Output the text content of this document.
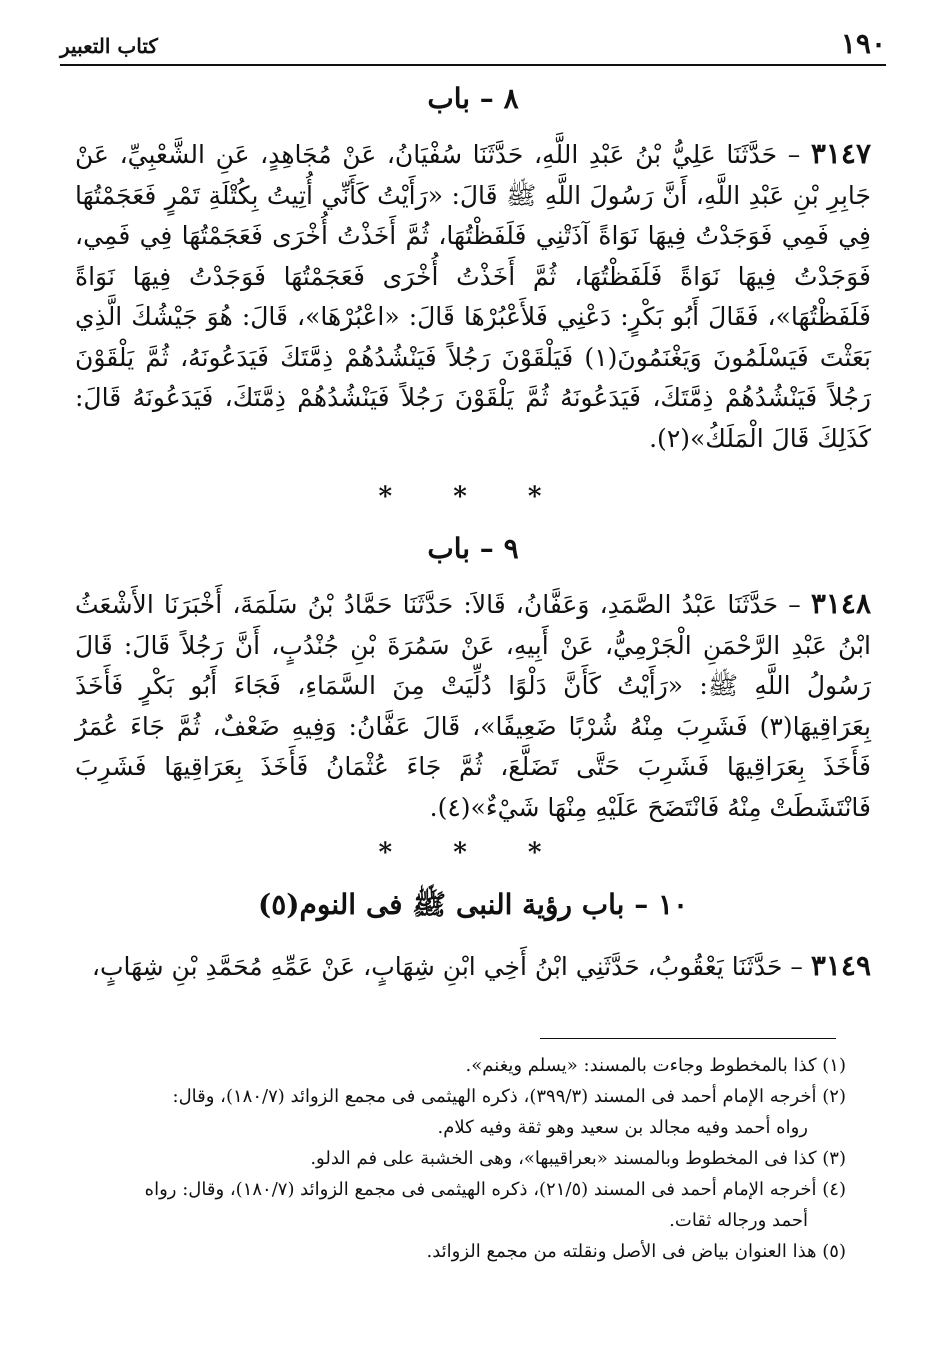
١٩٠
كتاب التعبير
٨ – باب
٣١٤٧ – حَدَّثَنَا عَلِيُّ بْنُ عَبْدِ اللَّهِ، حَدَّثَنَا سُفْيَانُ، عَنْ مُجَاهِدٍ، عَنِ الشَّعْبِيِّ، عَنْ جَابِرِ بْنِ عَبْدِ اللَّهِ، أَنَّ رَسُولَ اللَّهِ ﷺ قَالَ: «رَأَيْتُ كَأَنِّي أُتِيتُ بِكُتْلَةِ تَمْرٍ فَعَجَمْتُهَا فِي فَمِي فَوَجَدْتُ فِيهَا نَوَاةً آذَتْنِي فَلَفَظْتُهَا، ثُمَّ أَخَذْتُ أُخْرَى فَعَجَمْتُهَا فِي فَمِي، فَوَجَدْتُ فِيهَا نَوَاةً فَلَفَظْتُهَا، ثُمَّ أَخَذْتُ أُخْرَى فَعَجَمْتُهَا فَوَجَدْتُ فِيهَا نَوَاةً فَلَفَظْتُهَا»، فَقَالَ أَبُو بَكْرٍ: دَعْنِي فَلأَعْبُرْهَا قَالَ: «اعْبُرْهَا»، قَالَ: هُوَ جَيْشُكَ الَّذِي بَعَثْتَ فَيَسْلَمُونَ وَيَغْنَمُونَ(١) فَيَلْقَوْنَ رَجُلاً فَيَنْشُدُهُمْ ذِمَّتَكَ فَيَدَعُونَهُ، ثُمَّ يَلْقَوْنَ رَجُلاً فَيَنْشُدُهُمْ ذِمَّتَكَ، فَيَدَعُونَهُ ثُمَّ يَلْقَوْنَ رَجُلاً فَيَنْشُدُهُمْ ذِمَّتَكَ، فَيَدَعُونَهُ قَالَ: كَذَلِكَ قَالَ الْمَلَكُ»(٢).
* * *
٩ – باب
٣١٤٨ – حَدَّثَنَا عَبْدُ الصَّمَدِ، وَعَفَّانُ، قَالاَ: حَدَّثَنَا حَمَّادُ بْنُ سَلَمَةَ، أَخْبَرَنَا الأَشْعَثُ ابْنُ عَبْدِ الرَّحْمَنِ الْجَرْمِيُّ، عَنْ أَبِيهِ، عَنْ سَمُرَةَ بْنِ جُنْدُبٍ، أَنَّ رَجُلاً قَالَ: قَالَ رَسُولُ اللَّهِ ﷺ: «رَأَيْتُ كَأَنَّ دَلْوًا دُلِّيَتْ مِنَ السَّمَاءِ، فَجَاءَ أَبُو بَكْرٍ فَأَخَذَ بِعَرَاقِيهَا(٣) فَشَرِبَ مِنْهُ شُرْبًا ضَعِيفًا»، قَالَ عَفَّانُ: وَفِيهِ ضَعْفٌ، ثُمَّ جَاءَ عُمَرُ فَأَخَذَ بِعَرَاقِيهَا فَشَرِبَ حَتَّى تَضَلَّعَ، ثُمَّ جَاءَ عُثْمَانُ فَأَخَذَ بِعَرَاقِيهَا فَشَرِبَ فَانْتَشَطَتْ مِنْهُ فَانْتَضَحَ عَلَيْهِ مِنْهَا شَيْءٌ»(٤).
* * *
١٠ – باب رؤية النبى ﷺ فى النوم(٥)
٣١٤٩ – حَدَّثَنَا يَعْقُوبُ، حَدَّثَنِي ابْنُ أَخِي ابْنِ شِهَابٍ، عَنْ عَمِّهِ مُحَمَّدِ بْنِ شِهَابٍ،
(١) كذا بالمخطوط وجاءت بالمسند: «يسلم ويغنم».
(٢) أخرجه الإمام أحمد فى المسند (٣٩٩/٣)، ذكره الهيثمى فى مجمع الزوائد (١٨٠/٧)، وقال:
رواه أحمد وفيه مجالد بن سعيد وهو ثقة وفيه كلام.
(٣) كذا فى المخطوط وبالمسند «بعراقيبها»، وهى الخشبة على فم الدلو.
(٤) أخرجه الإمام أحمد فى المسند (٢١/٥)، ذكره الهيثمى فى مجمع الزوائد (١٨٠/٧)، وقال: رواه
أحمد ورجاله ثقات.
(٥) هذا العنوان بياض فى الأصل ونقلته من مجمع الزوائد.
